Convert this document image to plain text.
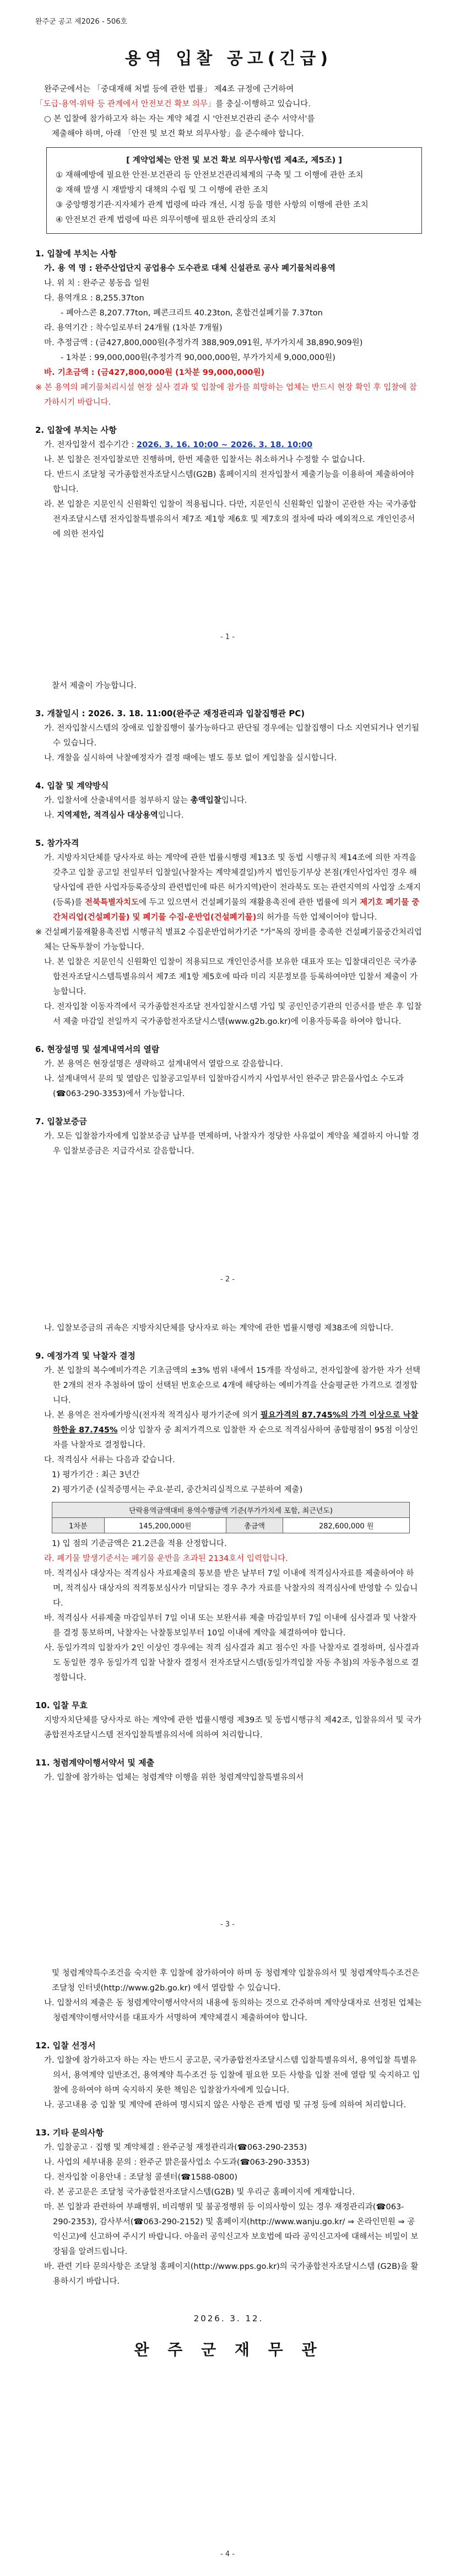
완주군 공고 제2026 - 506호
용역 입찰 공고(긴급)

완주군에서는 「중대재해 처벌 등에 관한 법률」 제4조 규정에 근거하여

「도급·용역·위탁 등 관계에서 안전보건 확보 의무」를 충실·이행하고 있습니다.

○ 본 입찰에 참가하고자 하는 자는 계약 체결 시 '안전보건관리 준수 서약서'를

제출해야 하며, 아래 「안전 및 보건 확보 의무사항」을 준수해야 합니다.

[ 계약업체는 안전 및 보건 확보 의무사항(법 제4조, 제5조) ]
① 재해예방에 필요한 안전·보건관리 등 안전보건관리체계의 구축 및 그 이행에 관한 조치
② 재해 발생 시 재발방지 대책의 수립 및 그 이행에 관한 조치
③ 중앙행정기관·지자체가 관계 법령에 따라 개선, 시정 등을 명한 사항의 이행에 관한 조치
④ 안전보건 관계 법령에 따른 의무이행에 필요한 관리상의 조치

1. 입찰에 부치는 사항

가. 용 역 명 : 완주산업단지 공업용수 도수관로 대체 신설관로 공사 폐기물처리용역

나. 위 치 : 완주군 봉동읍 일원

다. 용역개요 : 8,255.37ton

- 폐아스콘 8,207.77ton, 폐콘크리트 40.23ton, 혼합건설폐기물 7.37ton

라. 용역기간 : 착수일로부터 24개월 (1차분 7개월)

마. 추정금액 : (금427,800,000원(추정가격 388,909,091원, 부가가치세 38,890,909원)

- 1차분 : 99,000,000원(추정가격 90,000,000원, 부가가치세 9,000,000원)

바. 기초금액 : (금427,800,000원 (1차분 99,000,000원)

※ 본 용역의 폐기물처리시설 현장 실사 결과 및 입찰에 참가를 희망하는 업체는 반드시 현장 확인 후 입찰에 참가하시기 바랍니다.

2. 입찰에 부치는 사항

가. 전자입찰서 접수기간 : 2026. 3. 16. 10:00 ~ 2026. 3. 18. 10:00

나. 본 입찰은 전자입찰로만 진행하며, 한번 제출한 입찰서는 취소하거나 수정할 수 없습니다.

다. 반드시 조달청 국가종합전자조달시스템(G2B) 홈페이지의 전자입찰서 제출기능을 이용하여 제출하여야 합니다.

라. 본 입찰은 지문인식 신원확인 입찰이 적용됩니다. 다만, 지문인식 신원확인 입찰이 곤란한 자는 국가종합전자조달시스템 전자입찰특별유의서 제7조 제1항 제6호 및 제7호의 절차에 따라 예외적으로 개인인증서에 의한 전자입

- 1 -

찰서 제출이 가능합니다.

3. 개찰일시 : 2026. 3. 18. 11:00(완주군 재정관리과 입찰집행관 PC)

가. 전자입찰시스템의 장애로 입찰집행이 불가능하다고 판단될 경우에는 입찰집행이 다소 지연되거나 연기될 수 있습니다.

나. 개찰을 실시하여 낙찰예정자가 결정 때에는 별도 통보 없이 게입찰을 실시합니다.

4. 입찰 및 계약방식

가. 입찰서에 산출내역서를 첨부하지 않는 총액입찰입니다.

나. 지역제한, 적격심사 대상용역입니다.

5. 참가자격

가. 지방자치단체를 당사자로 하는 계약에 관한 법률시행령 제13조 및 동법 시행규칙 제14조에 의한 자격을 갖추고 입찰 공고일 전일부터 입찰일(낙찰자는 계약체결일)까지 법인등기부상 본점(개인사업자인 경우 해당사업에 관한 사업자등록증상의 관련법인에 따른 허가지역)란이 전라북도 또는 관련지역의 사업장 소재지(등록)를 전북특별자치도에 두고 있으면서 건설폐기물의 재활용촉진에 관한 법률에 의거 제기호 폐기물 중간처리업(건설폐기물) 및 폐기물 수집·운반업(건설폐기물)의 허가를 득한 업체이어야 합니다.

※ 건설폐기물재활용촉진법 시행규칙 별표2 수집운반업허가기준 "가"목의 장비를 충족한 건설폐기물중간처리업체는 단독투찰이 가능합니다.

나. 본 입찰은 지문인식 신원확인 입찰이 적용되므로 개인인증서를 보유한 대표자 또는 입찰대리인은 국가종합전자조달시스템특별유의서 제7조 제1항 제5호에 따라 미리 지문정보를 등록하여야만 입찰서 제출이 가능합니다.

다. 전자입찰 이동자격에서 국가종합전자조달 전자입찰시스템 가입 및 공인인증기관의 인증서를 받은 후 입찰서 제출 마감일 전일까지 국가종합전자조달시스템(www.g2b.go.kr)에 이용자등록을 하여야 합니다.

6. 현장설명 및 설계내역서의 열람

가. 본 용역은 현장설명은 생략하고 설계내역서 열람으로 갈음합니다.

나. 설계내역서 문의 및 열람은 입찰공고일부터 입찰마감시까지 사업부서인 완주군 맑은물사업소 수도과(☎063-290-3353)에서 가능합니다.

7. 입찰보증금

가. 모든 입찰참가자에게 입찰보증금 납부를 면제하며, 낙찰자가 정당한 사유없이 계약을 체결하지 아니할 경우 입찰보증금은 지급각서로 갈음합니다.

- 2 -

나. 입찰보증금의 귀속은 지방자치단체를 당사자로 하는 계약에 관한 법률시행령 제38조에 의합니다.

9. 예정가격 및 낙찰자 결정

가. 본 입찰의 복수예비가격은 기초금액의 ±3% 범위 내에서 15개를 작성하고, 전자입찰에 참가한 자가 선택한 2개의 전자 추첨하여 많이 선택된 번호순으로 4개에 해당하는 예비가격을 산술평균한 가격으로 결정합니다.

나. 본 용역은 전자예가방식(전자적 적격심사 평가기준에 의거 필요가격의 87.745%의 가격 이상으로 낙찰하한율 87.745% 이상 입찰자 중 최저가격으로 입찰한 자 순으로 적격심사하여 종합평점이 95점 이상인 자를 낙찰자로 결정합니다.

다. 적격심사 서류는 다음과 같습니다.

1) 평가기간 : 최근 3년간

2) 평가기준 (실적증명서는 주요·분리, 중간처리실적으로 구분하여 제출)

단락용역금액대비 용역수행금액 기준(부가가치세 포함, 최근년도)
1차분	145,200,000원	총금액	282,600,000 원

1) 입 점의 기준금액은 21.2큰을 적용 산정합니다.

라. 폐기물 발생기준서는 폐기물 운반을 초과된 2134호서 입력합니다.

마. 적격심사 대상자는 적격심사 자료제출의 통보를 받은 날부터 7일 이내에 적격심사자료를 제출하여야 하며, 적격심사 대상자의 적격통보심사가 미달되는 경우 추가 자료를 낙찰자의 적격심사에 반영할 수 있습니다.

바. 적격심사 서류제출 마감일부터 7일 이내 또는 보완서류 제출 마감일부터 7일 이내에 심사결과 및 낙찰자를 결정 통보하며, 낙찰자는 낙찰통보일부터 10일 이내에 계약을 체결하여야 합니다.

사. 동일가격의 입찰자가 2인 이상인 경우에는 적격 심사결과 최고 점수인 자를 낙찰자로 결정하며, 심사결과도 동일한 경우 동일가격 입찰 낙찰자 결정서 전자조달시스템(동일가격입찰 자동 추첨)의 자동추첨으로 결정합니다.

10. 입찰 무효

지방자치단체를 당사자로 하는 계약에 관한 법률시행령 제39조 및 동법시행규칙 제42조, 입찰유의서 및 국가종합전자조달시스템 전자입찰특별유의서에 의하여 처리합니다.

11. 청렴계약이행서약서 및 제출

가. 입찰에 참가하는 업체는 청렴계약 이행을 위한 청렴계약입찰특별유의서

- 3 -

및 청렴계약특수조건을 숙지한 후 입찰에 참가하여야 하며 동 청렴계약 입찰유의서 및 청렴계약특수조건은 조달청 인터넷(http://www.g2b.go.kr) 에서 열람할 수 있습니다.

나. 입찰서의 제출은 동 청렴계약이행서약서의 내용에 동의하는 것으로 간주하며 계약상대자로 선정된 업체는 청렴계약이행서약서를 대표자가 서명하여 계약체결시 제출하여야 합니다.

12. 입찰 선정서

가. 입찰에 참가하고자 하는 자는 반드시 공고문, 국가종합전자조달시스템 입찰특별유의서, 용역입찰 특별유의서, 용역계약 일반조건, 용역계약 특수조건 등 입찰에 필요한 모든 사항을 입찰 전에 열람 및 숙지하고 입찰에 응하여야 하며 숙지하지 못한 책임은 입찰참가자에게 있습니다.

나. 공고내용 중 입찰 및 계약에 관하여 명시되지 않은 사항은 관계 법령 및 규정 등에 의하여 처리합니다.

13. 기타 문의사항

가. 입찰공고 · 집행 및 계약체결 : 완주군청 재정관리과(☎063-290-2353)

나. 사업의 세부내용 문의 : 완주군 맑은물사업소 수도과(☎063-290-3353)

다. 전자입찰 이용안내 : 조달청 콜센터(☎1588-0800)

라. 본 공고문은 조달청 국가종합전자조달시스템(G2B) 및 우리군 홈페이지에 게재합니다.

마. 본 입찰과 관련하여 부패행위, 비리행위 및 불공정행위 등 이의사항이 있는 경우 재정관리과(☎063-290-2353), 감사부서(☎063-290-2152) 및 홈페이지(http://www.wanju.go.kr/ ⇒ 온라인민원 ⇒ 공익신고)에 신고하여 주시기 바랍니다. 아울러 공익신고자 보호법에 따라 공익신고자에 대해서는 비밀이 보장됨을 알려드립니다.

바. 관련 기타 문의사항은 조달청 홈페이지(http://www.pps.go.kr)의 국가종합전자조달시스템 (G2B)을 활용하시기 바랍니다.

2026. 3. 12.
완 주 군 재 무 관
- 4 -
